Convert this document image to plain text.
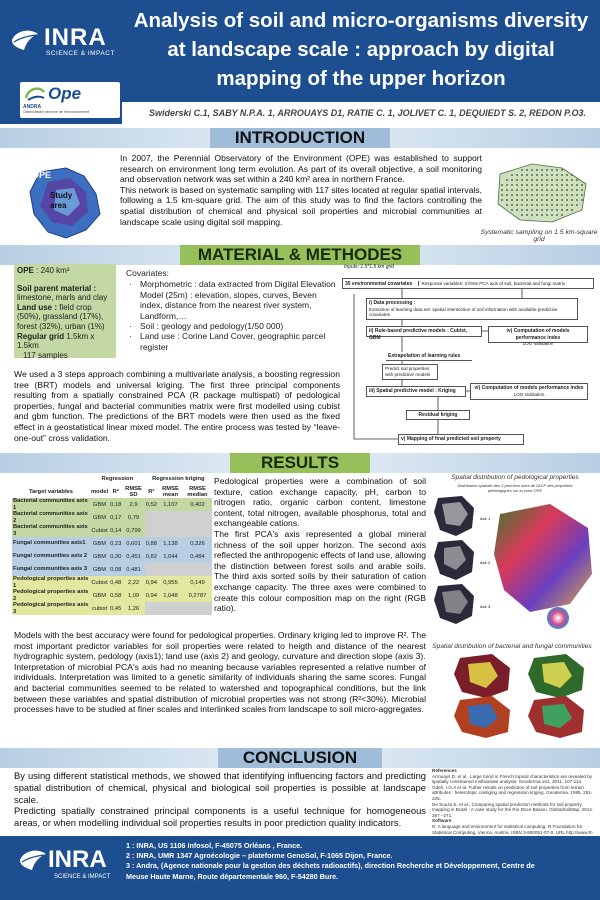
INRA
SCIENCE & IMPACT
Ope
ANDRA
Observatoire pérenne de l'environnement
Analysis of soil and micro-organisms diversity at landscape scale : approach by digital mapping of the upper horizon
Swiderski C.1, SABY N.P.A. 1, ARROUAYS D1, RATIE C. 1, JOLIVET C. 1, DEQUIEDT S. 2, REDON P.O3.
INTRODUCTION
OPE
Study
area

In 2007, the Perennial Observatory of the Environment (OPE) was established to support research on environment long term evolution. As part of its overall objective, a soil monitoring and observation network was set within a 240 km² area in northern France.

This network is based on systematic sampling with 117 sites located at regular spatial intervals, following a 1.5 km-square grid. The aim of this study was to find the factors controlling the spatial distribution of chemical and physical soil properties and microbial communities at landscape scale using digital soil mapping.

Systematic sampling on 1.5 km-square grid
MATERIAL & METHODES
OPE : 240 km²
Soil parent material :
limestone, marls and clay
Land use : field crop (50%), grassland (17%), forest (32%), urban (1%)
Regular grid 1.5km x 1.5km
117 samples
Covariates:
· Morphometric : data extracted from Digital Elevation Model (25m) : elevation, slopes, curves, Beven index, distance from the nearest river system, Landform,…
· Soil : geology and pedology(1/50 000)
· Land use : Corine Land Cover, geographic parcel register
We used a 3 steps approach combining a multivariate analysis, a boosting regression tree (BRT) models and universal kriging. The first three principal components resulting from a spatially constrained PCA (R package multispati) of pedological properties, fungal and bacterial communities matrix were first modelled using cubist and gbm function. The predictions of the BRT models were then used as the fixed effect in a geostatistical linear mixed model. The entire process was tested by “leave-one-out” cross validation.
Inputs: 1.5*1.5 km grid
35 environmental covariates Response variables: 3 firsts PCA axis of soil, bacterial and fungi matrix
i) Data processing :
Extraction of learning data set: spatial intersection of soil information with available predictive covariates
ii) Rule-based predictive models : Cubist, GBM
iv) Computation of models performance index
LOO Validation
Extrapolation of learning rules
Predict soil properties with predictive models
iii) Spatial predictive model : Kriging	vi) Computation of models performance index
LOO Validation
Residual kriging
v) Mapping of final predicted soil property
RESULTS
	Regression			Regression kriging		
Target variables	model	R²	RMSE SD	R²	RMSE mean	RMSE median
Bacterial communities axis 1	GBM	0,18	2,9	0,52	1,107	0,402
Bacterial communities axis 2	GBM	0,17	0,79			
Bacterial communities axis 3	Cubist	0,14	0,799			
Fungal communities axis1	GBM	0,23	0,601	0,88	1,138	0,326
Fungal communities axis 2	GBM	0,30	0,451	0,82	1,044	0,484
Fungal communities axis 3	GBM	0,08	0,481			
Pedological properties axis 1	Cubist	0,48	2,22	0,94	0,955	0,149
Pedological properties axis 2	GBM	0,58	1,09	0,94	1,048	0,2787
Pedological properties axis 3	cubist	0,45	1,26			
Pedological properties were a combination of soil texture, cation exchange capacity, pH, carbon to nitrogen ratio, organic carbon content, limestone content, total nitrogen, available phosphorus, total and exchangeable cations.
The first PCA's axis represented a global mineral richness of the soil upper horizon. The second axis reflected the anthropogenic effects of land use, allowing the distinction between forest soils and arable soils. The third axis sorted soils by their saturation of cation exchange capacity. The three axes were combined to create this colour composition map on the right (RGB ratio).
Spatial distribution of pedological properties
Distribution spatiale des 3 premiers axes de l'ACP des propriétés pédologiques sur la zone OPE
Axe 1
Axe 2
Axe 3
Spatial distribution of bacterial and fungal communities
Models with the best accuracy were found for pedological properties. Ordinary kriging led to improve R². The most important predictor variables for soil properties were related to heigth and distance of the nearest hydrographic system, pedology (axis1); land use (axis 2) and geology, curvature and direction slope (axis 3).
Interpretation of microbial PCA's axis had no meaning because variables represented a relative number of individuals. Interpretation was limited to a genetic similarity of individuals sharing the same scores. Fungal and bacterial communities seemed to be related to watershed and topographical conditions, but the link between these variables and spatial distribution of microbial properties was not strong (R²<30%). Microbial processes have to be studied at finer scales and interlinked scales from landscape to soil micro-aggregates.
CONCLUSION
By using different statistical methods, we showed that identifying influencing factors and predicting spatial distribution of chemical, physical and biological soil properties is possible at landscape scale.
Predicting spatially constrained principal components is a useful technique for homogeneous areas, or when modelling individual soil properties results in poor prediction quality indicators.
References
Arrouays D. et al., Large trend in French topsoil characteristics are revealed by spatially constrained multivariate analysis. Geoderma.161, 2011, 107-114.
Odeh, I.O.A et al. Futher results on prediction of soil properties from terrain attributes : heterotopic cokriging and regression kriging. Geoderma. 1995. 251-225.
De Souza E. et al., Comparing spatial prediction methods for soil property mapping in Brazil : A case study for the Rio Doce Basion. GlobalSoilMap, 2014. 267 –271.
Software
R: A language and environment for statistical computing. R Foundation for Statistical Computing, Vienna, Austria. ISBN 3-900051-07-0, URL http://www.R-
INRA
SCIENCE & IMPACT
1 : INRA, US 1106 Infosol, F-45075 Orléans , France.
2 : INRA, UMR 1347 Agroécologie – plateforme GenoSol, F-1065 Dijon, France.
3 : Andra, (Agence nationale pour la gestion des déchets radioactifs), direction Recherche et Développement, Centre de Meuse Haute Marne, Route départementale 960, F-54280 Bure.
